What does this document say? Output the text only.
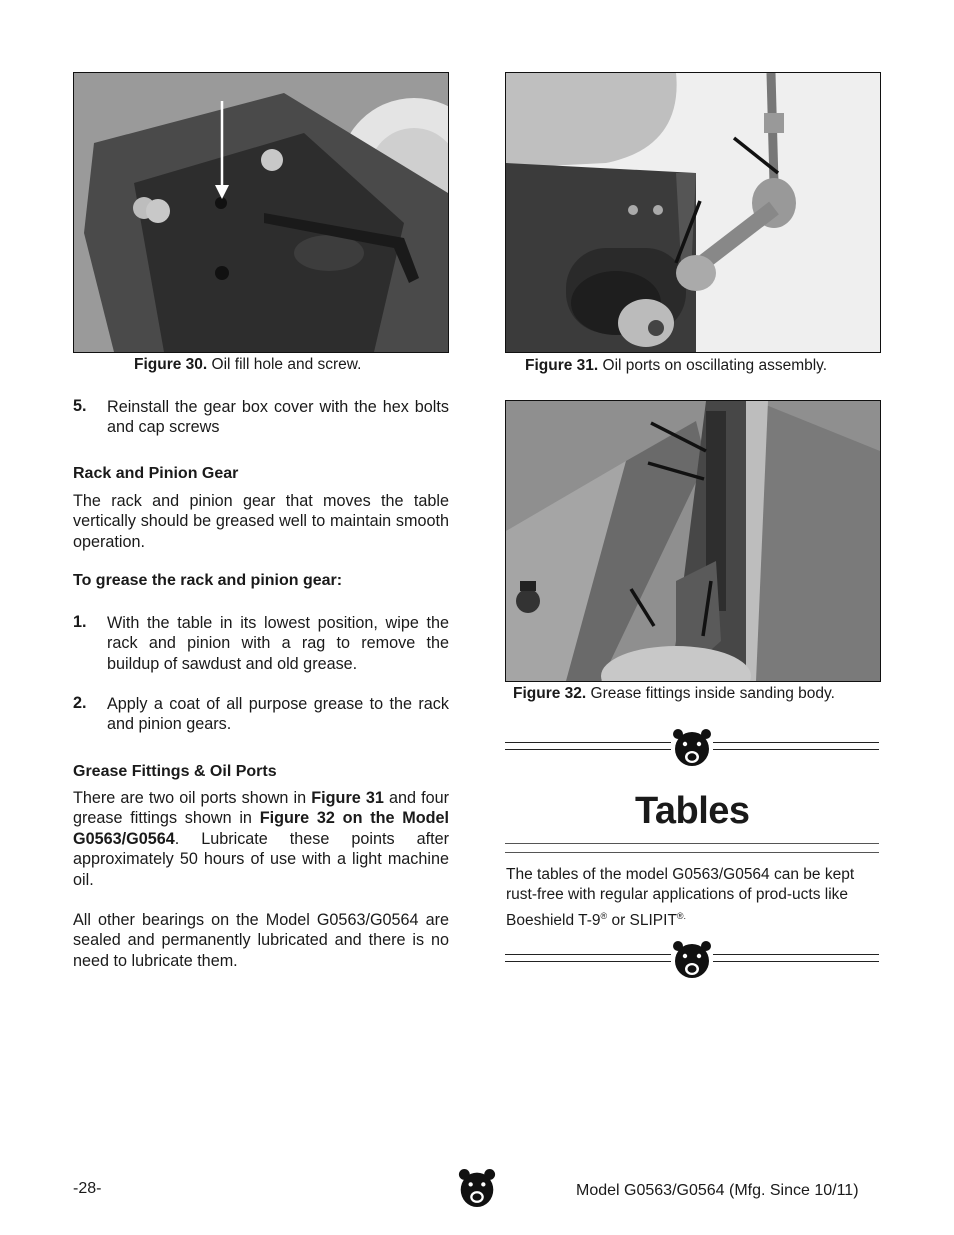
Figure 30. Oil fill hole and screw.	Figure 31. Oil ports on oscillating assembly.
Figure 32. Grease fittings inside sanding body.
5. Reinstall the gear box cover with the hex bolts and cap screws
Rack and Pinion Gear
The rack and pinion gear that moves the table vertically should be greased well to maintain smooth operation.
To grease the rack and pinion gear:
1. With the table in its lowest position, wipe the rack and pinion with a rag to remove the buildup of sawdust and old grease.
2. Apply a coat of all purpose grease to the rack and pinion gears.
Grease Fittings & Oil Ports
There are two oil ports shown in Figure 31 and four grease fittings shown in Figure 32 on the Model G0563/G0564. Lubricate these points after approximately 50 hours of use with a light machine oil.
All other bearings on the Model G0563/G0564 are sealed and permanently lubricated and there is no need to lubricate them.
Tables
The tables of the model G0563/G0564 can be kept rust-free with regular applications of prod-ucts like Boeshield T-9® or SLIPIT®.
-28-	Model G0563/G0564 (Mfg. Since 10/11)
